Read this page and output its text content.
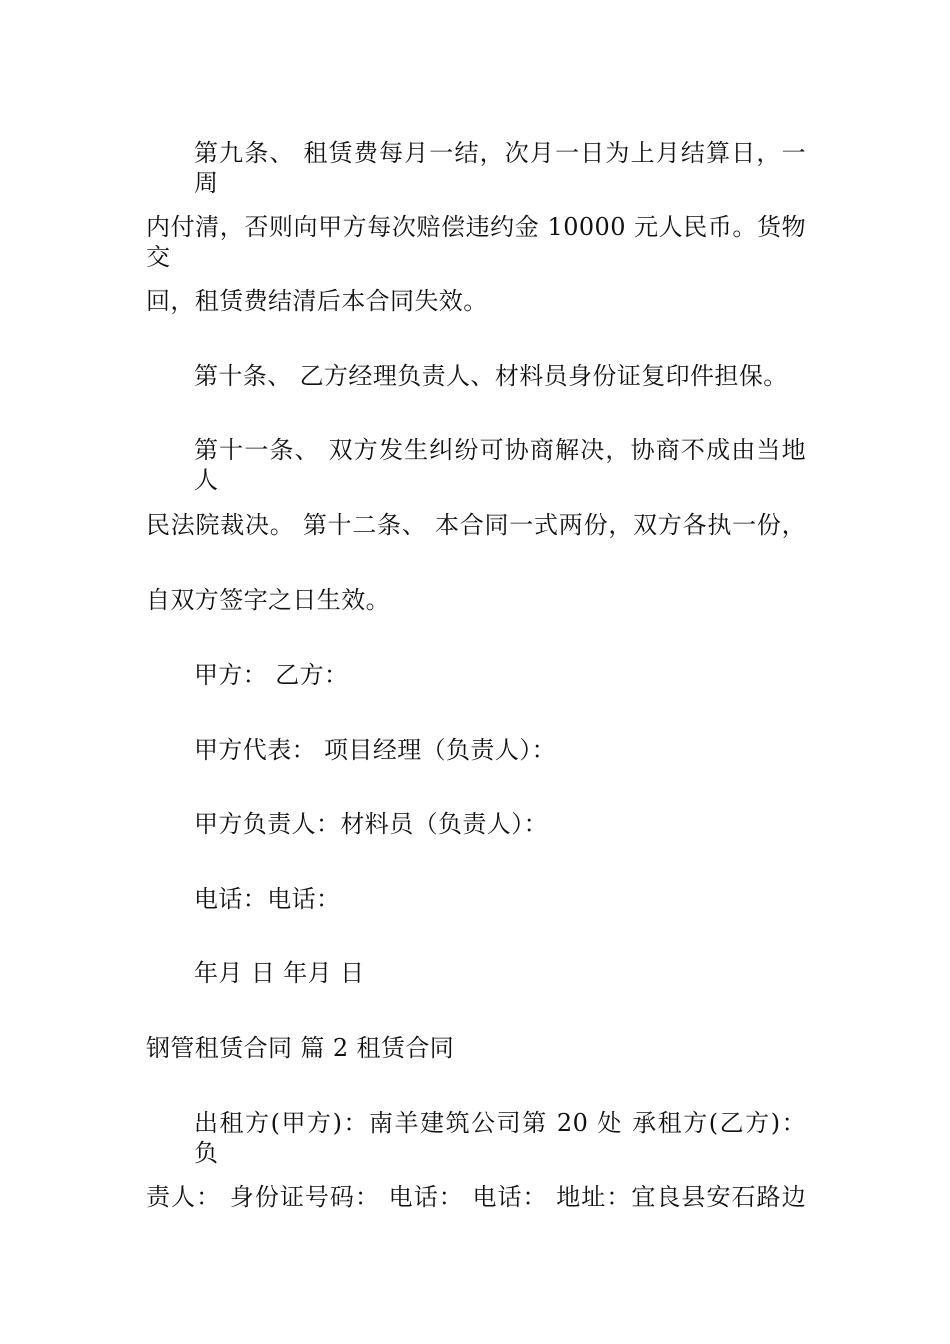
第九条、 租赁费每月一结，次月一日为上月结算日，一周
内付清，否则向甲方每次赔偿违约金 10000 元人民币。货物交
回，租赁费结清后本合同失效。
第十条、 乙方经理负责人、材料员身份证复印件担保。
第十一条、 双方发生纠纷可协商解决，协商不成由当地人
民法院裁决。 第十二条、 本合同一式两份，双方各执一份，
自双方签字之日生效。
甲方： 乙方：
甲方代表： 项目经理（负责人）：
甲方负责人：材料员（负责人）：
电话：电话：
年月 日 年月 日
钢管租赁合同 篇 2 租赁合同
出租方(甲方)：南羊建筑公司第 20 处 承租方(乙方)： 负
责人： 身份证号码： 电话： 电话： 地址：宜良县安石路边
